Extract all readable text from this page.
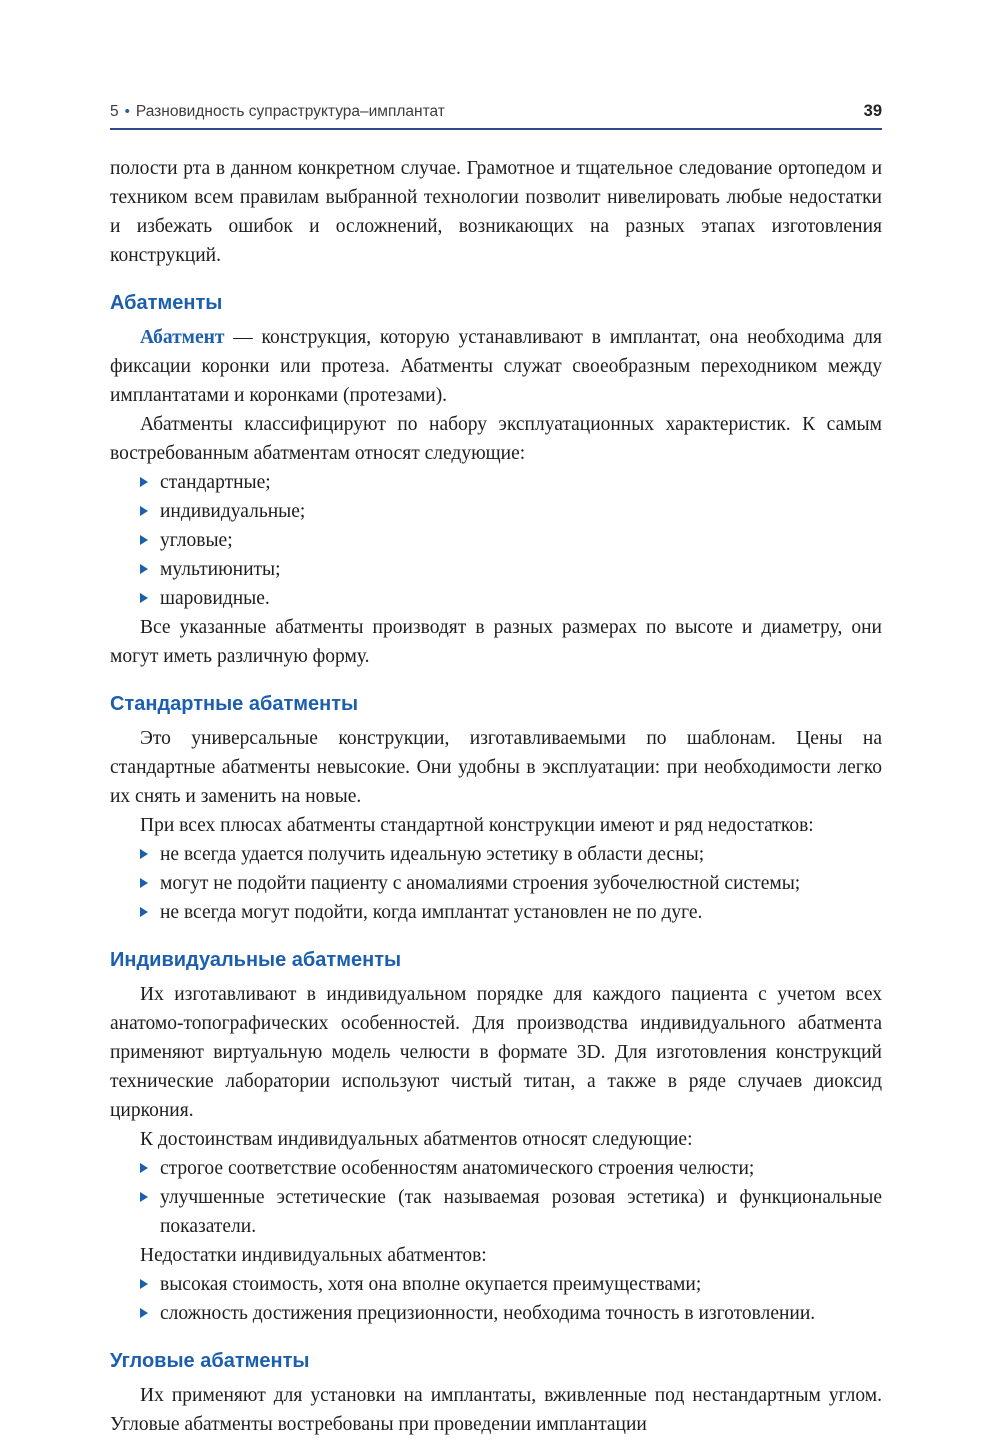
5 • Разновидность супраструктура–имплантат	39

полости рта в данном конкретном случае. Грамотное и тщательное следование ортопедом и техником всем правилам выбранной технологии позволит нивелировать любые недостатки и избежать ошибок и осложнений, возникающих на разных этапах изготовления конструкций.

Абатменты

Абатмент — конструкция, которую устанавливают в имплантат, она необходима для фиксации коронки или протеза. Абатменты служат своеобразным переходником между имплантатами и коронками (протезами).

Абатменты классифицируют по набору эксплуатационных характеристик. К самым востребованным абатментам относят следующие:

стандартные;
индивидуальные;
угловые;
мультиюниты;
шаровидные.

Все указанные абатменты производят в разных размерах по высоте и диаметру, они могут иметь различную форму.

Стандартные абатменты

Это универсальные конструкции, изготавливаемыми по шаблонам. Цены на стандартные абатменты невысокие. Они удобны в эксплуатации: при необходимости легко их снять и заменить на новые.

При всех плюсах абатменты стандартной конструкции имеют и ряд недостатков:

не всегда удается получить идеальную эстетику в области десны;
могут не подойти пациенту с аномалиями строения зубочелюстной системы;
не всегда могут подойти, когда имплантат установлен не по дуге.
Индивидуальные абатменты

Их изготавливают в индивидуальном порядке для каждого пациента с учетом всех анатомо-топографических особенностей. Для производства индивидуального абатмента применяют виртуальную модель челюсти в формате 3D. Для изготовления конструкций технические лаборатории используют чистый титан, а также в ряде случаев диоксид циркония.

К достоинствам индивидуальных абатментов относят следующие:

строгое соответствие особенностям анатомического строения челюсти;
улучшенные эстетические (так называемая розовая эстетика) и функциональные показатели.

Недостатки индивидуальных абатментов:

высокая стоимость, хотя она вполне окупается преимуществами;
сложность достижения прецизионности, необходима точность в изготовлении.
Угловые абатменты

Их применяют для установки на имплантаты, вживленные под нестандартным углом. Угловые абатменты востребованы при проведении имплантации
